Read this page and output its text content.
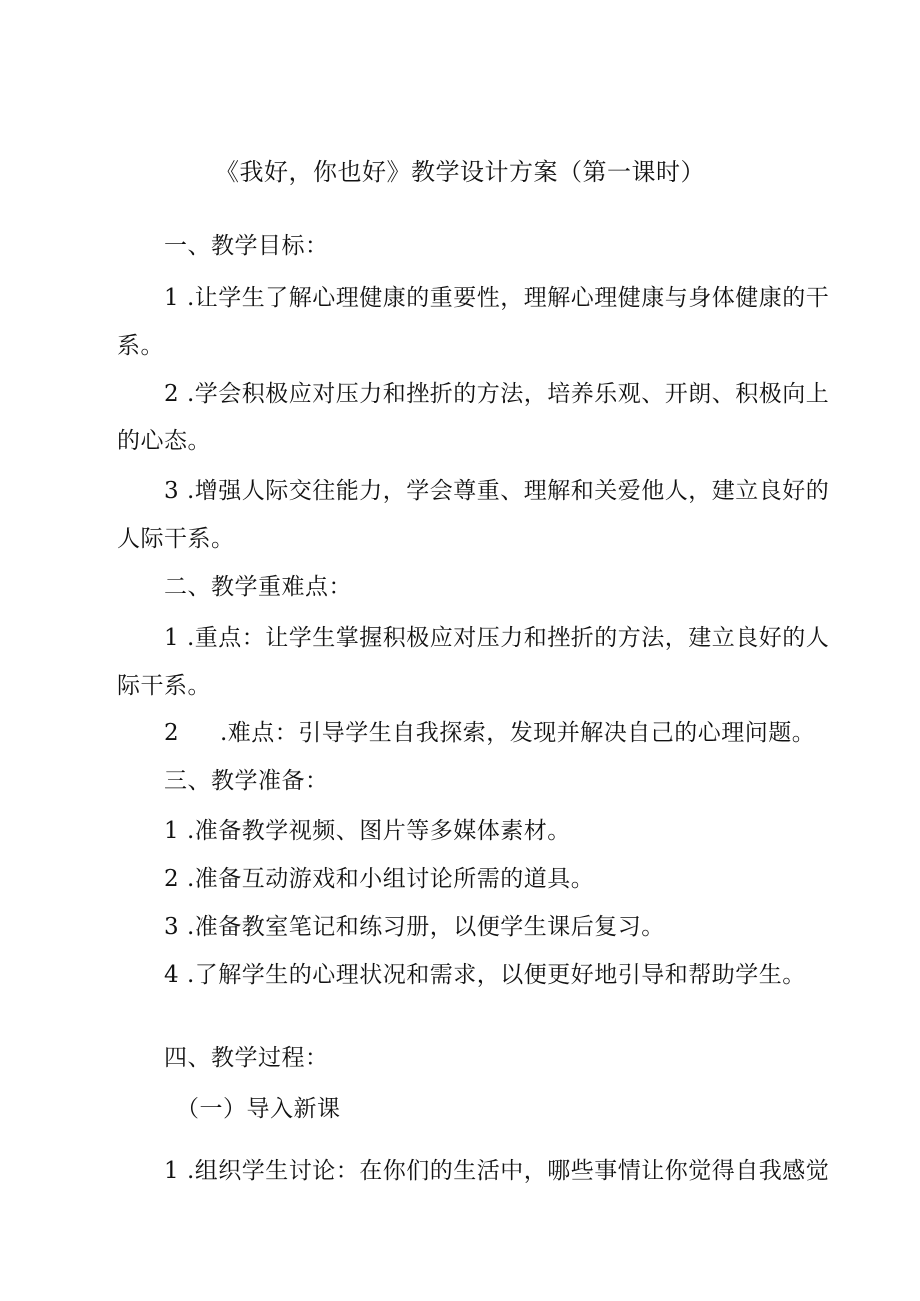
《我好，你也好》教学设计方案（第一课时）
一、教学目标：
1 .让学生了解心理健康的重要性，理解心理健康与身体健康的干
系。
2 .学会积极应对压力和挫折的方法，培养乐观、开朗、积极向上
的心态。
3 .增强人际交往能力，学会尊重、理解和关爱他人，建立良好的
人际干系。
二、教学重难点：
1 .重点：让学生掌握积极应对压力和挫折的方法，建立良好的人
际干系。
2 .难点：引导学生自我探索，发现并解决自己的心理问题。
三、教学准备：
1 .准备教学视频、图片等多媒体素材。
2 .准备互动游戏和小组讨论所需的道具。
3 .准备教室笔记和练习册，以便学生课后复习。
4 .了解学生的心理状况和需求，以便更好地引导和帮助学生。
四、教学过程：
（一）导入新课
1 .组织学生讨论：在你们的生活中，哪些事情让你觉得自我感觉
